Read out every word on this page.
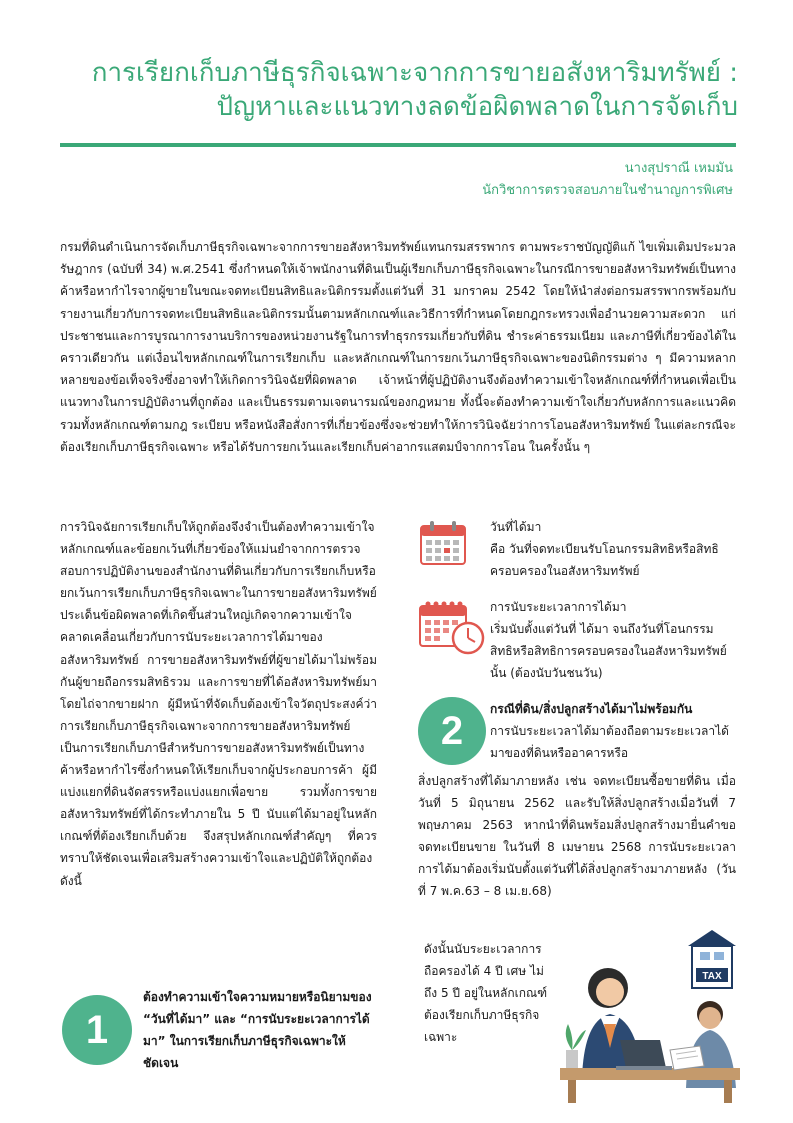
การเรียกเก็บภาษีธุรกิจเฉพาะจากการขายอสังหาริมทรัพย์ :
ปัญหาและแนวทางลดข้อผิดพลาดในการจัดเก็บ
นางสุปราณี เหมมัน
นักวิชาการตรวจสอบภายในชำนาญการพิเศษ
กรมที่ดินดำเนินการจัดเก็บภาษีธุรกิจเฉพาะจากการขายอสังหาริมทรัพย์แทนกรมสรรพากร ตามพระราชบัญญัติแก้ ไขเพิ่มเติมประมวลรัษฎากร (ฉบับที่ 34) พ.ศ.2541 ซึ่งกำหนดให้เจ้าพนักงานที่ดินเป็นผู้เรียกเก็บภาษีธุรกิจเฉพาะในกรณีการขายอสังหาริมทรัพย์เป็นทางค้าหรือหากำไรจากผู้ขายในขณะจดทะเบียนสิทธิและนิติกรรมตั้งแต่วันที่ 31 มกราคม 2542 โดยให้นำส่งต่อกรมสรรพากรพร้อมกับรายงานเกี่ยวกับการจดทะเบียนสิทธิและนิติกรรมนั้นตามหลักเกณฑ์และวิธีการที่กำหนดโดยกฎกระทรวงเพื่ออำนวยความสะดวก แก่ประชาชนและการบูรณาการงานบริการของหน่วยงานรัฐในการทำธุรกรรมเกี่ยวกับที่ดิน ชำระค่าธรรมเนียม และภาษีที่เกี่ยวข้องได้ในคราวเดียวกัน แต่เงื่อนไขหลักเกณฑ์ในการเรียกเก็บ และหลักเกณฑ์ในการยกเว้นภาษีธุรกิจเฉพาะของนิติกรรมต่าง ๆ มีความหลากหลายของข้อเท็จจริงซึ่งอาจทำให้เกิดการวินิจฉัยที่ผิดพลาด เจ้าหน้าที่ผู้ปฏิบัติงานจึงต้องทำความเข้าใจหลักเกณฑ์ที่กำหนดเพื่อเป็นแนวทางในการปฏิบัติงานที่ถูกต้อง และเป็นธรรมตามเจตนารมณ์ของกฎหมาย ทั้งนี้จะต้องทำความเข้าใจเกี่ยวกับหลักการและแนวคิดรวมทั้งหลักเกณฑ์ตามกฎ ระเบียบ หรือหนังสือสั่งการที่เกี่ยวข้องซึ่งจะช่วยทำให้การวินิจฉัยว่าการโอนอสังหาริมทรัพย์ ในแต่ละกรณีจะต้องเรียกเก็บภาษีธุรกิจเฉพาะ หรือได้รับการยกเว้นและเรียกเก็บค่าอากรแสตมป์จากการโอน ในครั้งนั้น ๆ
การวินิจฉัยการเรียกเก็บให้ถูกต้องจึงจำเป็นต้องทำความเข้าใจหลักเกณฑ์และข้อยกเว้นที่เกี่ยวข้องให้แม่นยำจากการตรวจสอบการปฏิบัติงานของสำนักงานที่ดินเกี่ยวกับการเรียกเก็บหรือยกเว้นการเรียกเก็บภาษีธุรกิจเฉพาะในการขายอสังหาริมทรัพย์ ประเด็นข้อผิดพลาดที่เกิดขึ้นส่วนใหญ่เกิดจากความเข้าใจคลาดเคลื่อนเกี่ยวกับการนับระยะเวลาการได้มาของอสังหาริมทรัพย์ การขายอสังหาริมทรัพย์ที่ผู้ขายได้มาไม่พร้อมกันผู้ขายถือกรรมสิทธิรวม และการขายที่ได้อสังหาริมทรัพย์มาโดยไถ่จากขายฝาก ผู้มีหน้าที่จัดเก็บต้องเข้าใจวัตถุประสงค์ว่า การเรียกเก็บภาษีธุรกิจเฉพาะจากการขายอสังหาริมทรัพย์เป็นการเรียกเก็บภาษีสำหรับการขายอสังหาริมทรัพย์เป็นทางค้าหรือหากำไรซึ่งกำหนดให้เรียกเก็บจากผู้ประกอบการค้า ผู้มีแบ่งแยกที่ดินจัดสรรหรือแบ่งแยกเพื่อขาย รวมทั้งการขายอสังหาริมทรัพย์ที่ได้กระทำภายใน 5 ปี นับแต่ได้มาอยู่ในหลักเกณฑ์ที่ต้องเรียกเก็บด้วย จึงสรุปหลักเกณฑ์สำคัญๆ ที่ควรทราบให้ชัดเจนเพื่อเสริมสร้างความเข้าใจและปฏิบัติให้ถูกต้อง ดังนี้
1
ต้องทำความเข้าใจความหมายหรือนิยามของ “วันที่ได้มา” และ “การนับระยะเวลาการได้มา” ในการเรียกเก็บภาษีธุรกิจเฉพาะให้ชัดเจน
วันที่ได้มา
คือ วันที่จดทะเบียนรับโอนกรรมสิทธิหรือสิทธิครอบครองในอสังหาริมทรัพย์
การนับระยะเวลาการได้มา
เริ่มนับตั้งแต่วันที่ ได้มา จนถึงวันที่โอนกรรมสิทธิหรือสิทธิการครอบครองในอสังหาริมทรัพย์นั้น (ต้องนับวันชนวัน)
2	กรณีที่ดิน/สิ่งปลูกสร้างได้มาไม่พร้อมกัน
การนับระยะเวลาได้มาต้องถือตามระยะเวลาได้มาของที่ดินหรืออาคารหรือ
สิ่งปลูกสร้างที่ได้มาภายหลัง เช่น จดทะเบียนซื้อขายที่ดิน เมื่อวันที่ 5 มิถุนายน 2562 และรับให้สิ่งปลูกสร้างเมื่อวันที่ 7 พฤษภาคม 2563 หากนำที่ดินพร้อมสิ่งปลูกสร้างมายื่นคำขอจดทะเบียนขาย ในวันที่ 8 เมษายน 2568 การนับระยะเวลาการได้มาต้องเริ่มนับตั้งแต่วันที่ได้สิ่งปลูกสร้างมาภายหลัง (วันที่ 7 พ.ค.63 – 8 เม.ย.68)
ดังนั้นนับระยะเวลาการถือครองได้ 4 ปี เศษ ไม่ถึง 5 ปี อยู่ในหลักเกณฑ์ต้องเรียกเก็บภาษีธุรกิจเฉพาะ
TAX
